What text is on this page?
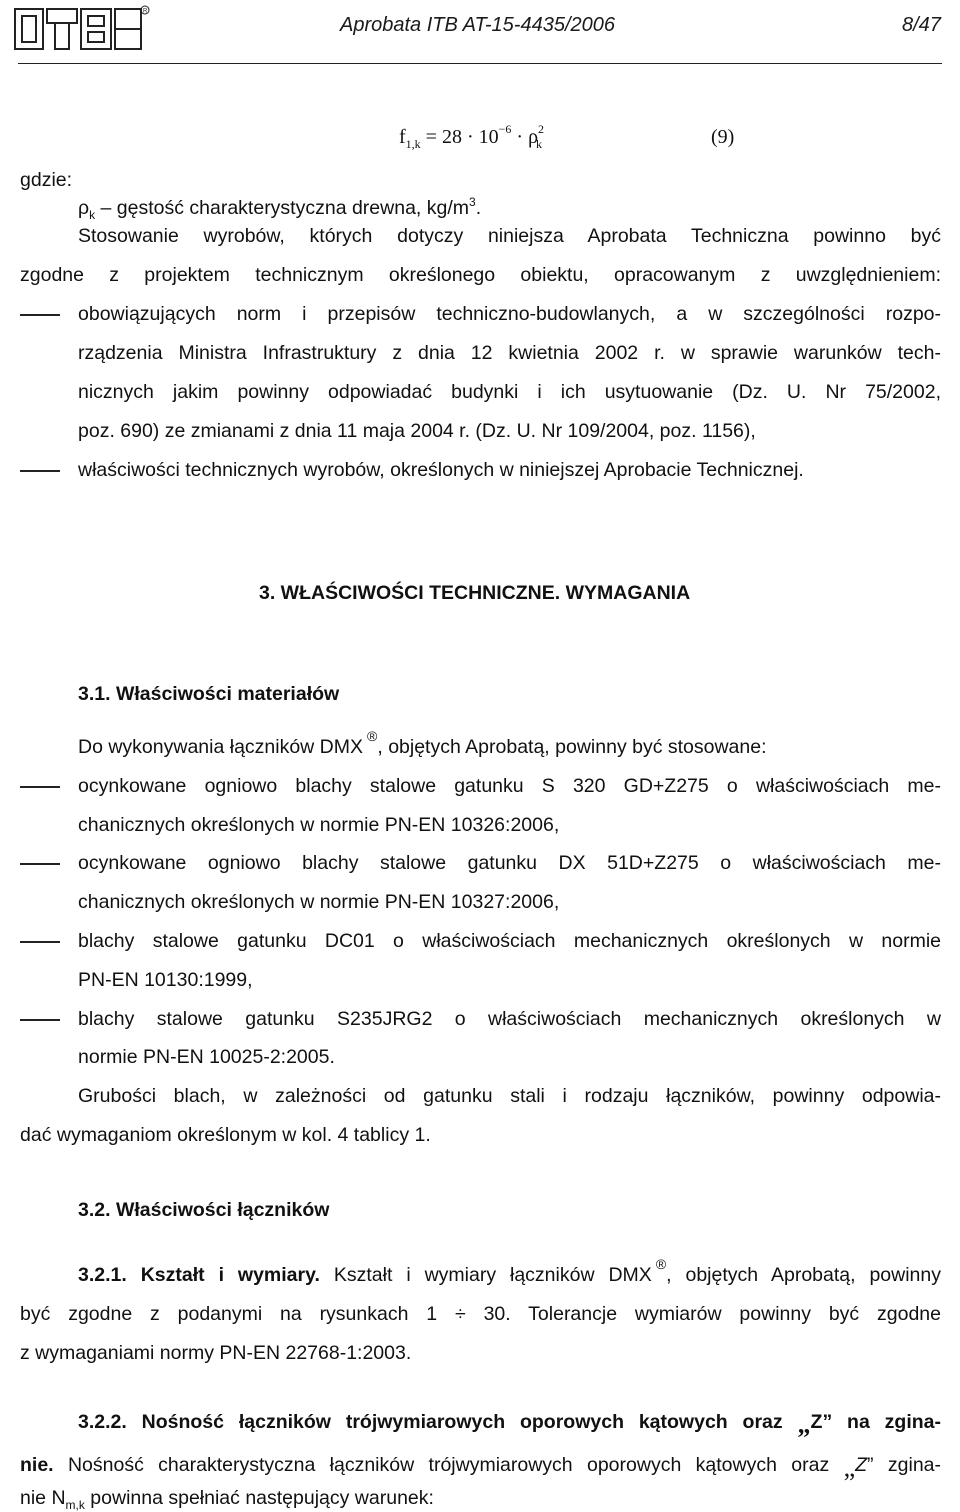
R
Aprobata ITB AT-15-4435/2006	8/47
$f_{1,k} = 28 \cdot 10^{-6} \cdot \rho^2_k$	(9)
gdzie:
$\rho_k$ – gęstość charakterystyczna drewna, $kg/m^3$.
Stosowanie wyrobów, których dotyczy niniejsza Aprobata Techniczna powinno być
zgodne z projektem technicznym określonego obiektu, opracowanym z uwzględnieniem:
obowiązujących norm i przepisów techniczno-budowlanych, a w szczególności rozpo-
rządzenia Ministra Infrastruktury z dnia 12 kwietnia 2002 r. w sprawie warunków tech-
nicznych jakim powinny odpowiadać budynki i ich usytuowanie (Dz. U. Nr 75/2002,
poz. 690) ze zmianami z dnia 11 maja 2004 r. (Dz. U. Nr 109/2004, poz. 1156),
właściwości technicznych wyrobów, określonych w niniejszej Aprobacie Technicznej.
3. WŁAŚCIWOŚCI TECHNICZNE. WYMAGANIA
3.1. Właściwości materiałów
Do wykonywania łączników DMX ®, objętych Aprobatą, powinny być stosowane:
ocynkowane ogniowo blachy stalowe gatunku S 320 GD+Z275 o właściwościach me-
chanicznych określonych w normie PN-EN 10326:2006,
ocynkowane ogniowo blachy stalowe gatunku DX 51D+Z275 o właściwościach me-
chanicznych określonych w normie PN-EN 10327:2006,
blachy stalowe gatunku DC01 o właściwościach mechanicznych określonych w normie
PN-EN 10130:1999,
blachy stalowe gatunku S235JRG2 o właściwościach mechanicznych określonych w
normie PN-EN 10025-2:2005.
Grubości blach, w zależności od gatunku stali i rodzaju łączników, powinny odpowia-
dać wymaganiom określonym w kol. 4 tablicy 1.
3.2. Właściwości łączników
3.2.1. Kształt i wymiary. Kształt i wymiary łączników DMX ®, objętych Aprobatą, powinny
być zgodne z podanymi na rysunkach 1 ÷ 30. Tolerancje wymiarów powinny być zgodne
z wymaganiami normy PN-EN 22768-1:2003.
3.2.2. Nośność łączników trójwymiarowych oporowych kątowych oraz „Z” na zgina-
nie. Nośność charakterystyczna łączników trójwymiarowych oporowych kątowych oraz „Z” zgina-
nie $N_{m,k}$ powinna spełniać następujący warunek:
